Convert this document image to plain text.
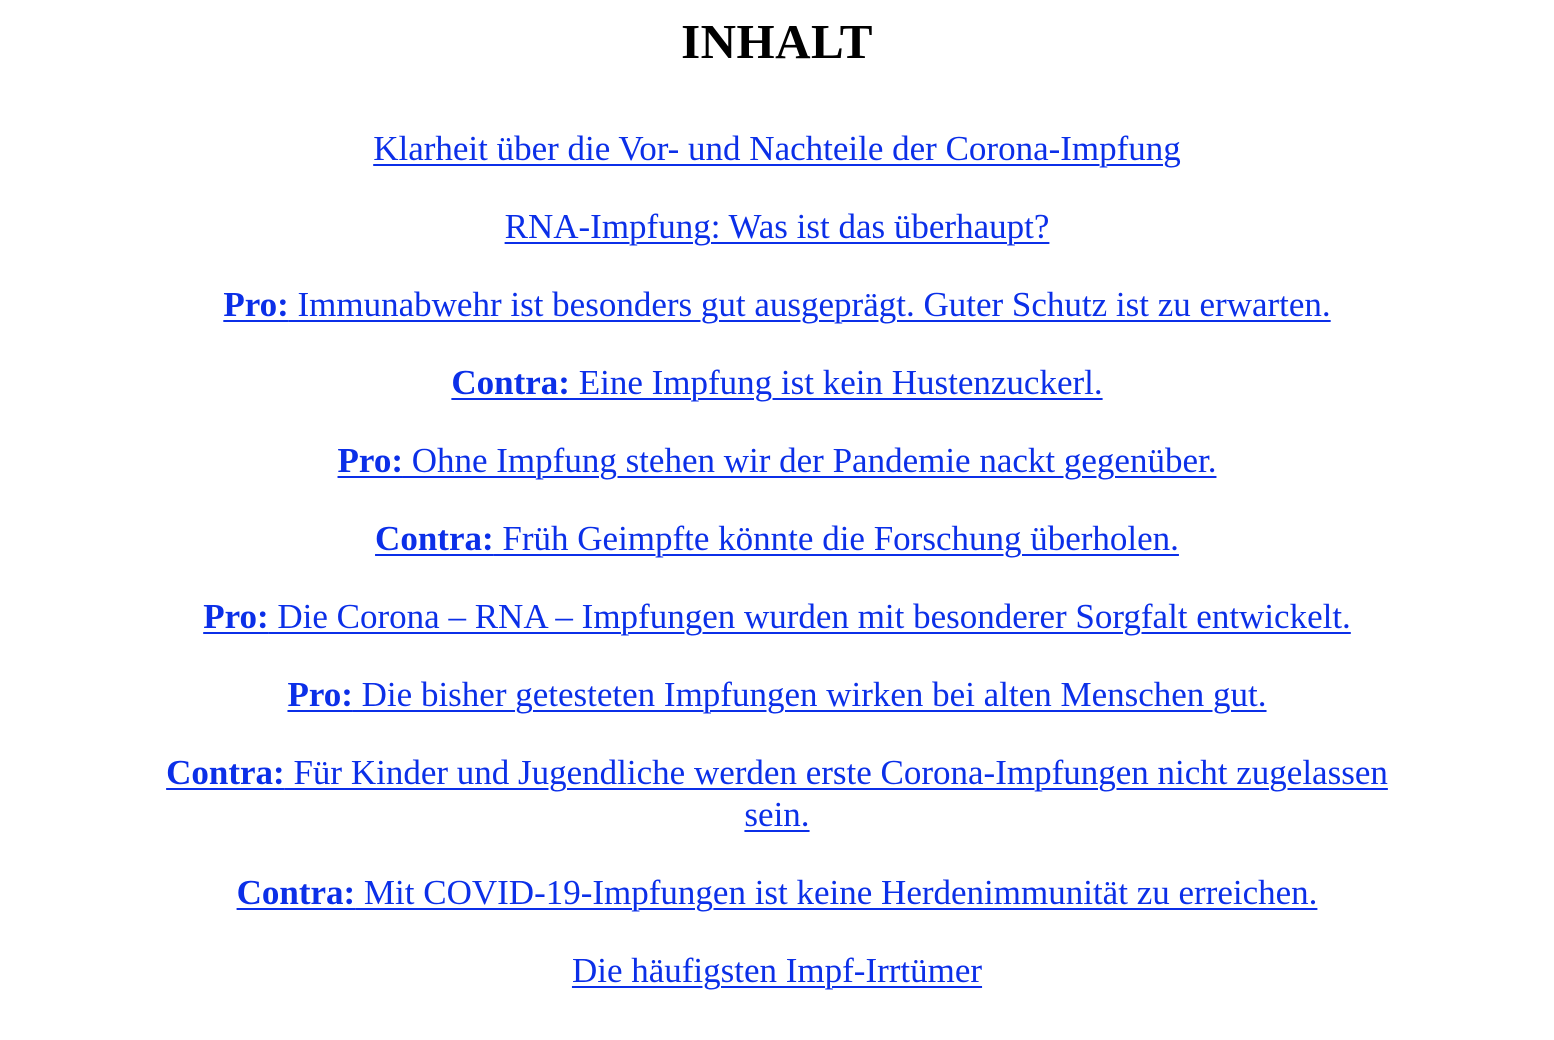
INHALT
Klarheit über die Vor- und Nachteile der Corona-Impfung
RNA-Impfung: Was ist das überhaupt?
Pro: Immunabwehr ist besonders gut ausgeprägt. Guter Schutz ist zu erwarten.
Contra: Eine Impfung ist kein Hustenzuckerl.
Pro: Ohne Impfung stehen wir der Pandemie nackt gegenüber.
Contra: Früh Geimpfte könnte die Forschung überholen.
Pro: Die Corona – RNA – Impfungen wurden mit besonderer Sorgfalt entwickelt.
Pro: Die bisher getesteten Impfungen wirken bei alten Menschen gut.
Contra: Für Kinder und Jugendliche werden erste Corona-Impfungen nicht zugelassen sein.
Contra: Mit COVID-19-Impfungen ist keine Herdenimmunität zu erreichen.
Die häufigsten Impf-Irrtümer
